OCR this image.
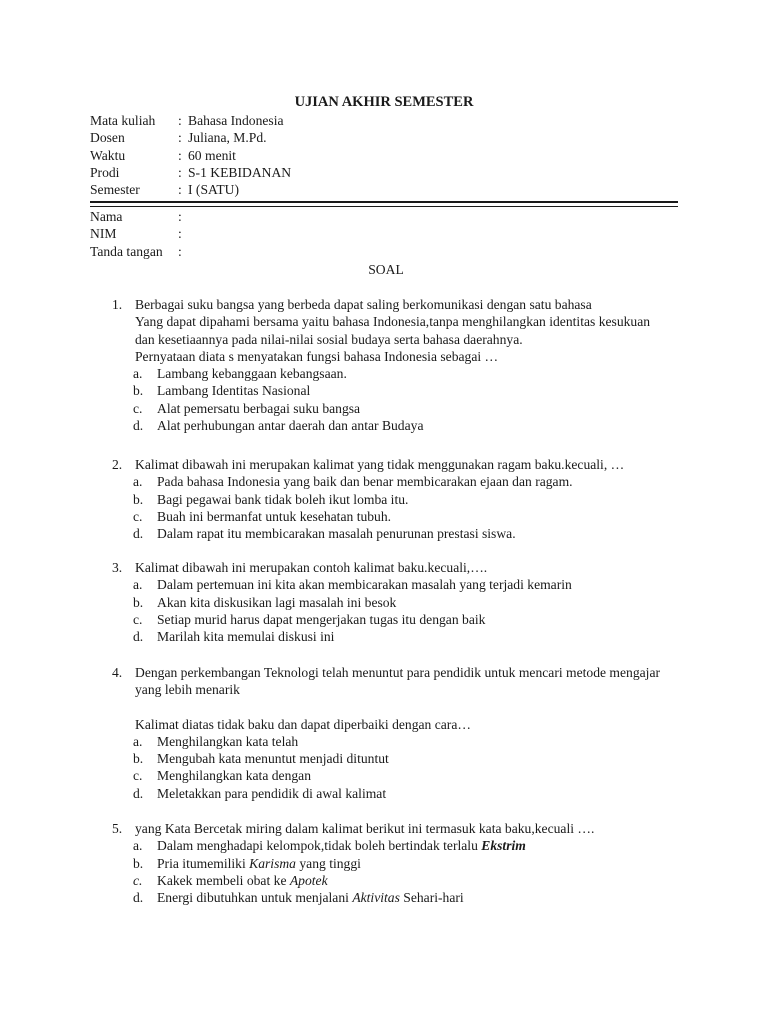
UJIAN AKHIR SEMESTER
Mata kuliah	: Bahasa Indonesia
Dosen	: Juliana, M.Pd.
Waktu	: 60 menit
Prodi	: S-1 KEBIDANAN
Semester	: I (SATU)
Nama	:
NIM	:
Tanda tangan	:
SOAL
1. Berbagai suku bangsa yang berbeda dapat saling berkomunikasi dengan satu bahasa
Yang dapat dipahami bersama yaitu bahasa Indonesia,tanpa menghilangkan identitas kesukuan
dan kesetiaannya pada nilai-nilai sosial budaya serta bahasa daerahnya.
Pernyataan diata s menyatakan fungsi bahasa Indonesia sebagai …
a.	Lambang kebanggaan kebangsaan.
b.	Lambang Identitas Nasional
c.	Alat pemersatu berbagai suku bangsa
d.	Alat perhubungan antar daerah dan antar Budaya
2. Kalimat dibawah ini merupakan kalimat yang tidak menggunakan ragam baku.kecuali, …
a.	Pada bahasa Indonesia yang baik dan benar membicarakan ejaan dan ragam.
b.	Bagi pegawai bank tidak boleh ikut lomba itu.
c.	Buah ini bermanfat untuk kesehatan tubuh.
d.	Dalam rapat itu membicarakan masalah penurunan prestasi siswa.
3. Kalimat dibawah ini merupakan contoh kalimat baku.kecuali,….
a.	Dalam pertemuan ini kita akan membicarakan masalah yang terjadi kemarin
b.	Akan kita diskusikan lagi masalah ini besok
c.	Setiap murid harus dapat mengerjakan tugas itu dengan baik
d.	Marilah kita memulai diskusi ini
4. Dengan perkembangan Teknologi telah menuntut para pendidik untuk mencari metode mengajar
yang lebih menarik
Kalimat diatas tidak baku dan dapat diperbaiki dengan cara…
a.	Menghilangkan kata telah
b.	Mengubah kata menuntut menjadi dituntut
c.	Menghilangkan kata dengan
d.	Meletakkan para pendidik di awal kalimat
5. yang Kata Bercetak miring dalam kalimat berikut ini termasuk kata baku,kecuali ….
a.	Dalam menghadapi kelompok,tidak boleh bertindak terlalu Ekstrim
b.	Pria itumemiliki Karisma yang tinggi
c.	Kakek membeli obat ke Apotek
d.	Energi dibutuhkan untuk menjalani Aktivitas Sehari-hari
